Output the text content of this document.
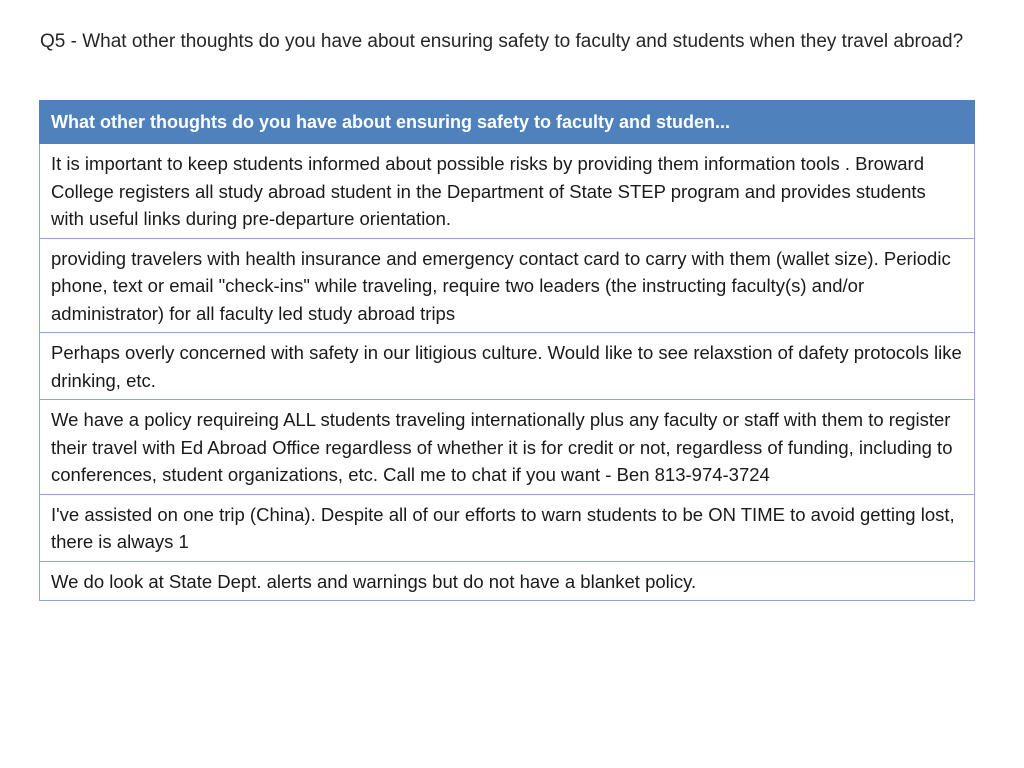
Q5 - What other thoughts do you have about ensuring safety to faculty and students when they travel abroad?
What other thoughts do you have about ensuring safety to faculty and studen...
It is important to keep students informed about possible risks by providing them information tools . Broward College registers all study abroad student in the Department of State STEP program and provides students with useful links during pre-departure orientation.
providing travelers with health insurance and emergency contact card to carry with them (wallet size). Periodic phone, text or email "check-ins" while traveling, require two leaders (the instructing faculty(s) and/or administrator) for all faculty led study abroad trips
Perhaps overly concerned with safety in our litigious culture. Would like to see relaxstion of dafety protocols like drinking, etc.
We have a policy requireing ALL students traveling internationally plus any faculty or staff with them to register their travel with Ed Abroad Office regardless of whether it is for credit or not, regardless of funding, including to conferences, student organizations, etc. Call me to chat if you want - Ben 813-974-3724
I've assisted on one trip (China). Despite all of our efforts to warn students to be ON TIME to avoid getting lost, there is always 1
We do look at State Dept. alerts and warnings but do not have a blanket policy.
